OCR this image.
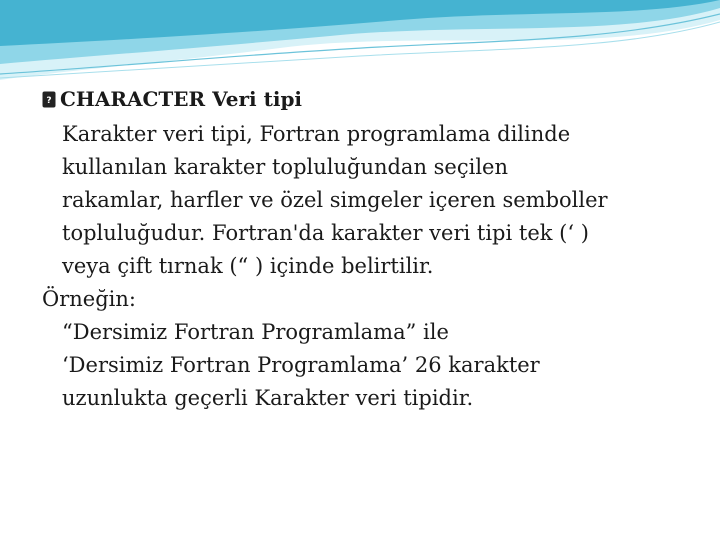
? CHARACTER Veri tipi
Karakter veri tipi, Fortran programlama dilinde
kullanılan karakter topluluğundan seçilen
rakamlar, harfler ve özel simgeler içeren semboller
topluluğudur. Fortran'da karakter veri tipi tek (‘ )
veya çift tırnak (“ ) içinde belirtilir.
Örneğin:
“Dersimiz Fortran Programlama” ile
‘Dersimiz Fortran Programlama’ 26 karakter
uzunlukta geçerli Karakter veri tipidir.
